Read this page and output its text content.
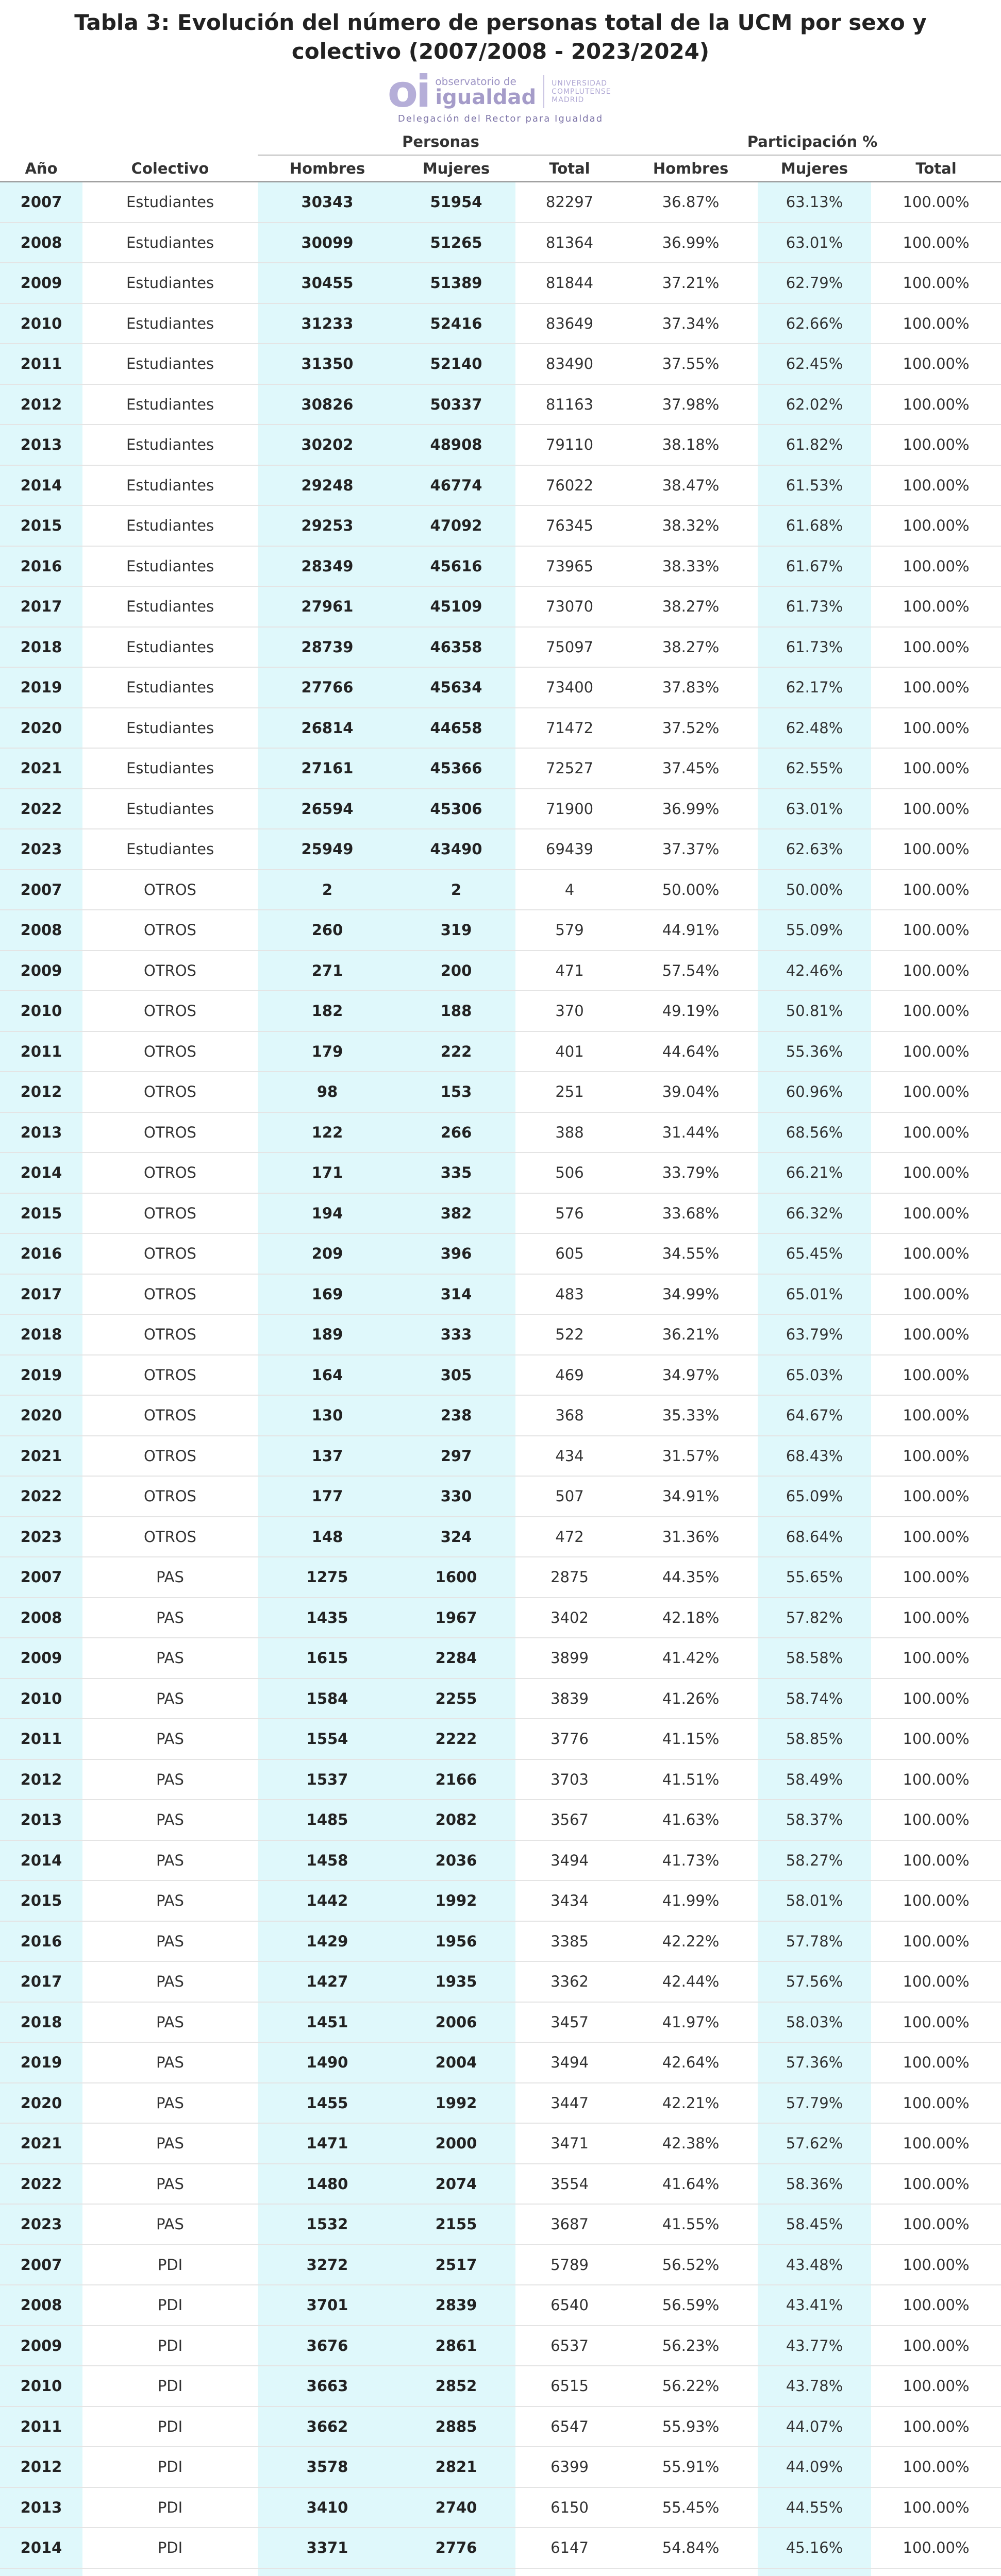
Tabla 3: Evolución del número de personas total de la UCM por sexo y colectivo (2007/2008 - 2023/2024)
oi observatorio de
igualdad
UNIVERSIDAD COMPLUTENSE MADRID
Delegación del Rector para Igualdad
		Personas			Participación %		
Año	Colectivo	Hombres	Mujeres	Total	Hombres	Mujeres	Total
2007	Estudiantes	30343	51954	82297	36.87%	63.13%	100.00%
2008	Estudiantes	30099	51265	81364	36.99%	63.01%	100.00%
2009	Estudiantes	30455	51389	81844	37.21%	62.79%	100.00%
2010	Estudiantes	31233	52416	83649	37.34%	62.66%	100.00%
2011	Estudiantes	31350	52140	83490	37.55%	62.45%	100.00%
2012	Estudiantes	30826	50337	81163	37.98%	62.02%	100.00%
2013	Estudiantes	30202	48908	79110	38.18%	61.82%	100.00%
2014	Estudiantes	29248	46774	76022	38.47%	61.53%	100.00%
2015	Estudiantes	29253	47092	76345	38.32%	61.68%	100.00%
2016	Estudiantes	28349	45616	73965	38.33%	61.67%	100.00%
2017	Estudiantes	27961	45109	73070	38.27%	61.73%	100.00%
2018	Estudiantes	28739	46358	75097	38.27%	61.73%	100.00%
2019	Estudiantes	27766	45634	73400	37.83%	62.17%	100.00%
2020	Estudiantes	26814	44658	71472	37.52%	62.48%	100.00%
2021	Estudiantes	27161	45366	72527	37.45%	62.55%	100.00%
2022	Estudiantes	26594	45306	71900	36.99%	63.01%	100.00%
2023	Estudiantes	25949	43490	69439	37.37%	62.63%	100.00%
2007	OTROS	2	2	4	50.00%	50.00%	100.00%
2008	OTROS	260	319	579	44.91%	55.09%	100.00%
2009	OTROS	271	200	471	57.54%	42.46%	100.00%
2010	OTROS	182	188	370	49.19%	50.81%	100.00%
2011	OTROS	179	222	401	44.64%	55.36%	100.00%
2012	OTROS	98	153	251	39.04%	60.96%	100.00%
2013	OTROS	122	266	388	31.44%	68.56%	100.00%
2014	OTROS	171	335	506	33.79%	66.21%	100.00%
2015	OTROS	194	382	576	33.68%	66.32%	100.00%
2016	OTROS	209	396	605	34.55%	65.45%	100.00%
2017	OTROS	169	314	483	34.99%	65.01%	100.00%
2018	OTROS	189	333	522	36.21%	63.79%	100.00%
2019	OTROS	164	305	469	34.97%	65.03%	100.00%
2020	OTROS	130	238	368	35.33%	64.67%	100.00%
2021	OTROS	137	297	434	31.57%	68.43%	100.00%
2022	OTROS	177	330	507	34.91%	65.09%	100.00%
2023	OTROS	148	324	472	31.36%	68.64%	100.00%
2007	PAS	1275	1600	2875	44.35%	55.65%	100.00%
2008	PAS	1435	1967	3402	42.18%	57.82%	100.00%
2009	PAS	1615	2284	3899	41.42%	58.58%	100.00%
2010	PAS	1584	2255	3839	41.26%	58.74%	100.00%
2011	PAS	1554	2222	3776	41.15%	58.85%	100.00%
2012	PAS	1537	2166	3703	41.51%	58.49%	100.00%
2013	PAS	1485	2082	3567	41.63%	58.37%	100.00%
2014	PAS	1458	2036	3494	41.73%	58.27%	100.00%
2015	PAS	1442	1992	3434	41.99%	58.01%	100.00%
2016	PAS	1429	1956	3385	42.22%	57.78%	100.00%
2017	PAS	1427	1935	3362	42.44%	57.56%	100.00%
2018	PAS	1451	2006	3457	41.97%	58.03%	100.00%
2019	PAS	1490	2004	3494	42.64%	57.36%	100.00%
2020	PAS	1455	1992	3447	42.21%	57.79%	100.00%
2021	PAS	1471	2000	3471	42.38%	57.62%	100.00%
2022	PAS	1480	2074	3554	41.64%	58.36%	100.00%
2023	PAS	1532	2155	3687	41.55%	58.45%	100.00%
2007	PDI	3272	2517	5789	56.52%	43.48%	100.00%
2008	PDI	3701	2839	6540	56.59%	43.41%	100.00%
2009	PDI	3676	2861	6537	56.23%	43.77%	100.00%
2010	PDI	3663	2852	6515	56.22%	43.78%	100.00%
2011	PDI	3662	2885	6547	55.93%	44.07%	100.00%
2012	PDI	3578	2821	6399	55.91%	44.09%	100.00%
2013	PDI	3410	2740	6150	55.45%	44.55%	100.00%
2014	PDI	3371	2776	6147	54.84%	45.16%	100.00%
